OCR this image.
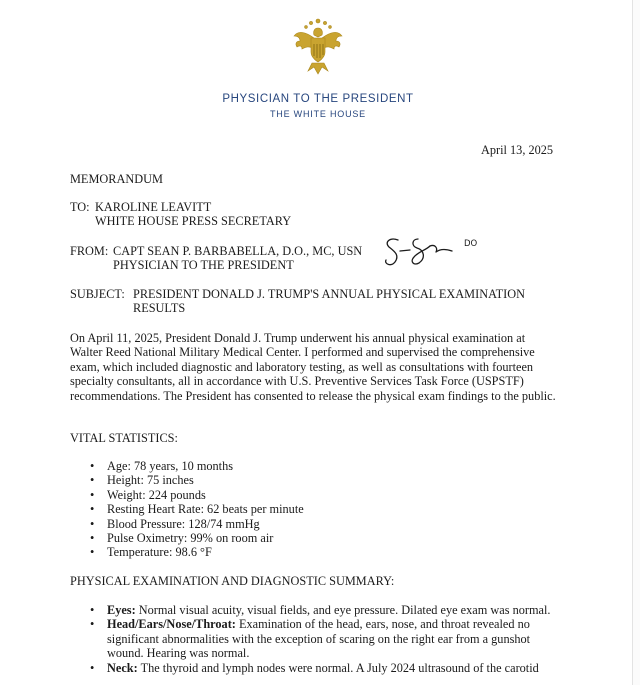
PHYSICIAN TO THE PRESIDENT
THE WHITE HOUSE
April 13, 2025
MEMORANDUM
TO: KAROLINE LEAVITT
WHITE HOUSE PRESS SECRETARY
FROM: CAPT SEAN P. BARBABELLA, D.O., MC, USN
PHYSICIAN TO THE PRESIDENT
DO
SUBJECT: PRESIDENT DONALD J. TRUMP'S ANNUAL PHYSICAL EXAMINATION
RESULTS
On April 11, 2025, President Donald J. Trump underwent his annual physical examination at Walter Reed National Military Medical Center. I performed and supervised the comprehensive exam, which included diagnostic and laboratory testing, as well as consultations with fourteen specialty consultants, all in accordance with U.S. Preventive Services Task Force (USPSTF) recommendations. The President has consented to release the physical exam findings to the public.
VITAL STATISTICS:
• Age: 78 years, 10 months
• Height: 75 inches
• Weight: 224 pounds
• Resting Heart Rate: 62 beats per minute
• Blood Pressure: 128/74 mmHg
• Pulse Oximetry: 99% on room air
• Temperature: 98.6 °F
PHYSICAL EXAMINATION AND DIAGNOSTIC SUMMARY:
• Eyes: Normal visual acuity, visual fields, and eye pressure. Dilated eye exam was normal.
• Head/Ears/Nose/Throat: Examination of the head, ears, nose, and throat revealed no significant abnormalities with the exception of scaring on the right ear from a gunshot wound. Hearing was normal.
• Neck: The thyroid and lymph nodes were normal. A July 2024 ultrasound of the carotid
